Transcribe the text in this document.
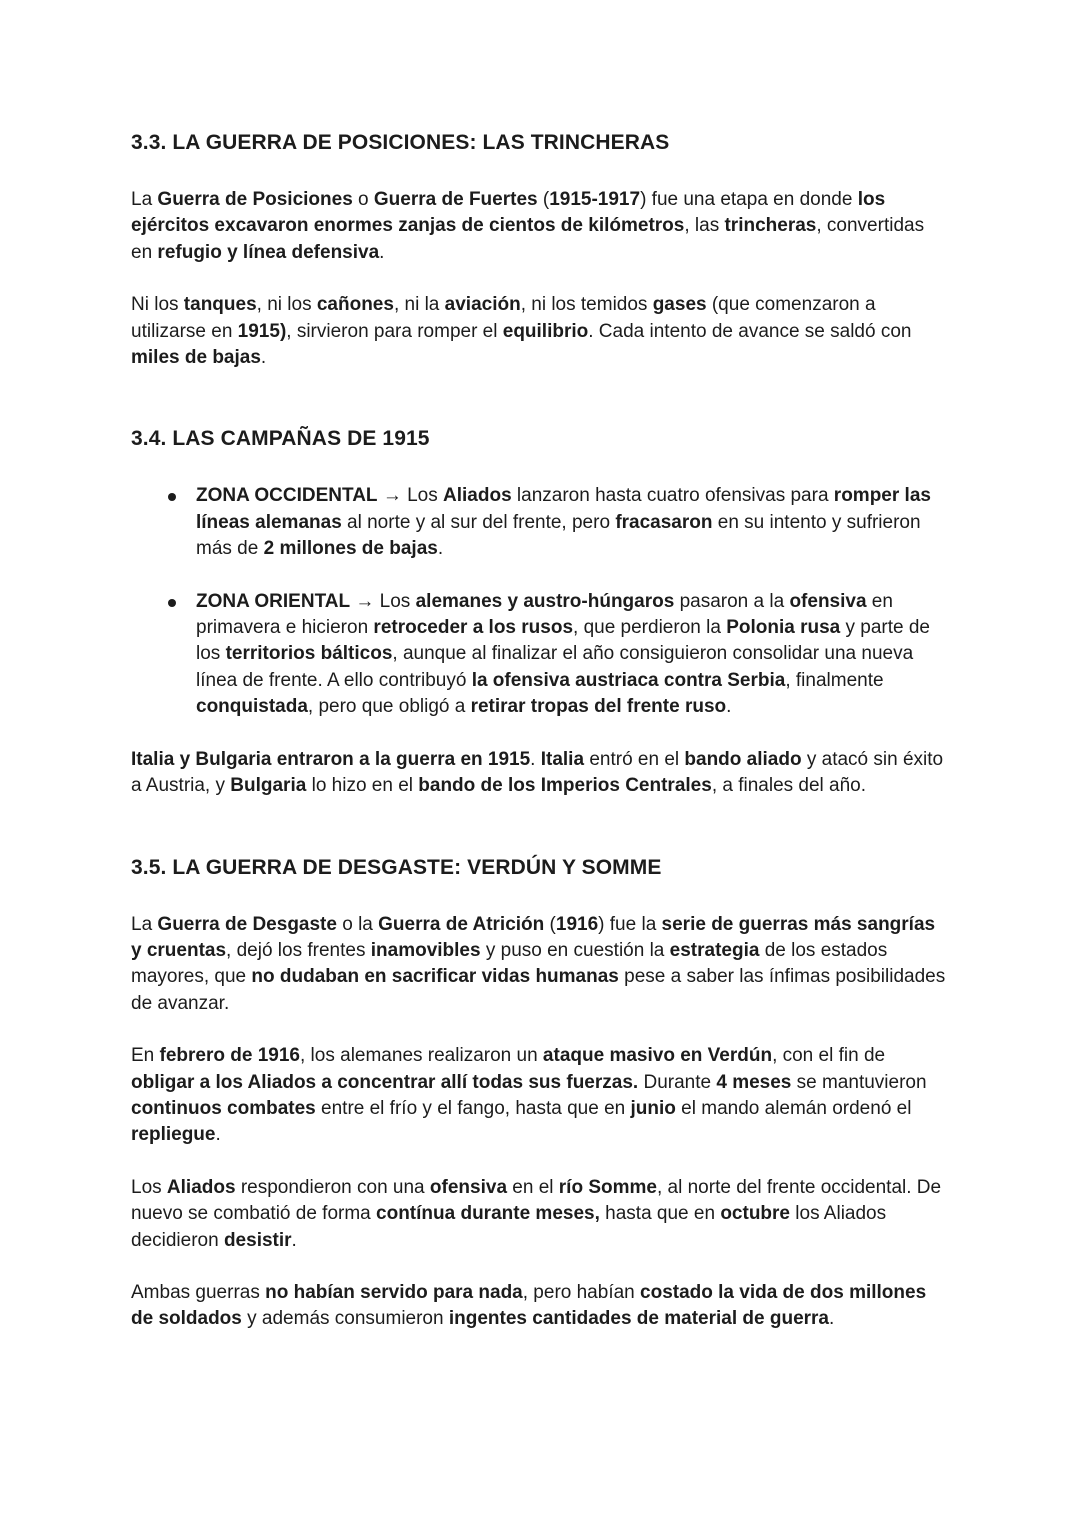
3.3. LA GUERRA DE POSICIONES: LAS TRINCHERAS

La Guerra de Posiciones o Guerra de Fuertes (1915-1917) fue una etapa en donde los ejércitos excavaron enormes zanjas de cientos de kilómetros, las trincheras, convertidas en refugio y línea defensiva.

Ni los tanques, ni los cañones, ni la aviación, ni los temidos gases (que comenzaron a utilizarse en 1915), sirvieron para romper el equilibrio. Cada intento de avance se saldó con miles de bajas.

3.4. LAS CAMPAÑAS DE 1915
ZONA OCCIDENTAL → Los Aliados lanzaron hasta cuatro ofensivas para romper las líneas alemanas al norte y al sur del frente, pero fracasaron en su intento y sufrieron más de 2 millones de bajas.
ZONA ORIENTAL → Los alemanes y austro-húngaros pasaron a la ofensiva en primavera e hicieron retroceder a los rusos, que perdieron la Polonia rusa y parte de los territorios bálticos, aunque al finalizar el año consiguieron consolidar una nueva línea de frente. A ello contribuyó la ofensiva austriaca contra Serbia, finalmente conquistada, pero que obligó a retirar tropas del frente ruso.

Italia y Bulgaria entraron a la guerra en 1915. Italia entró en el bando aliado y atacó sin éxito a Austria, y Bulgaria lo hizo en el bando de los Imperios Centrales, a finales del año.

3.5. LA GUERRA DE DESGASTE: VERDÚN Y SOMME

La Guerra de Desgaste o la Guerra de Atrición (1916) fue la serie de guerras más sangrías y cruentas, dejó los frentes inamovibles y puso en cuestión la estrategia de los estados mayores, que no dudaban en sacrificar vidas humanas pese a saber las ínfimas posibilidades de avanzar.

En febrero de 1916, los alemanes realizaron un ataque masivo en Verdún, con el fin de obligar a los Aliados a concentrar allí todas sus fuerzas. Durante 4 meses se mantuvieron continuos combates entre el frío y el fango, hasta que en junio el mando alemán ordenó el repliegue.

Los Aliados respondieron con una ofensiva en el río Somme, al norte del frente occidental. De nuevo se combatió de forma contínua durante meses, hasta que en octubre los Aliados decidieron desistir.

Ambas guerras no habían servido para nada, pero habían costado la vida de dos millones de soldados y además consumieron ingentes cantidades de material de guerra.
